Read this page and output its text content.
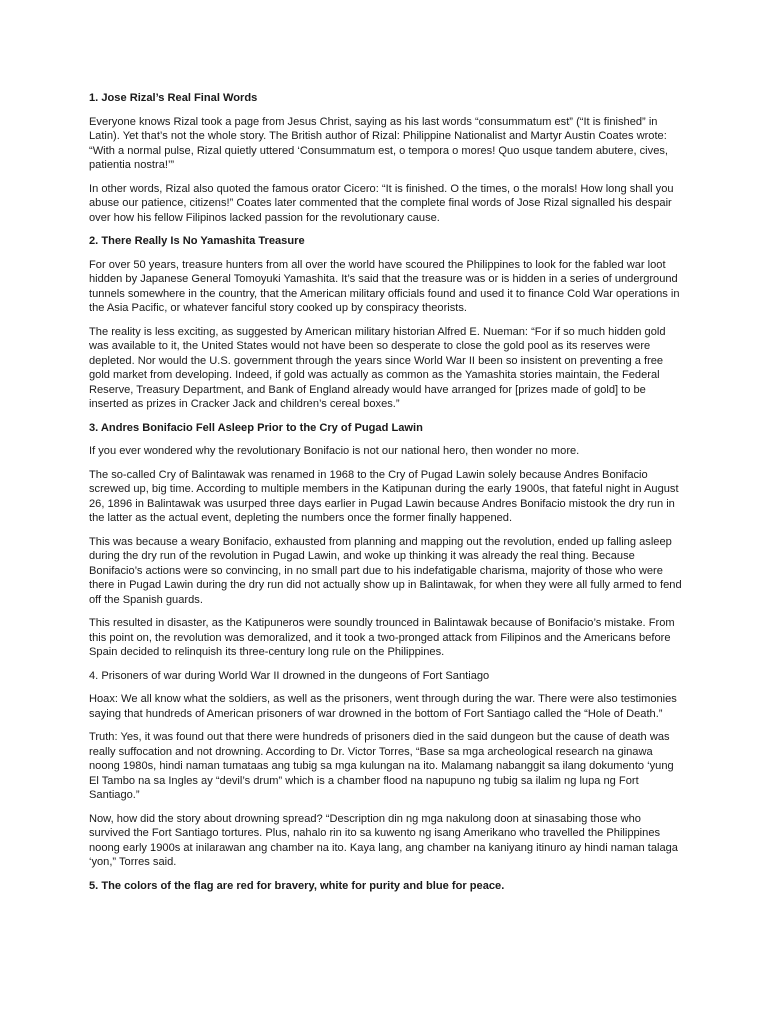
1. Jose Rizal’s Real Final Words

Everyone knows Rizal took a page from Jesus Christ, saying as his last words “consummatum est” (“It is finished” in Latin). Yet that’s not the whole story. The British author of Rizal: Philippine Nationalist and Martyr Austin Coates wrote: “With a normal pulse, Rizal quietly uttered ‘Consummatum est, o tempora o mores! Quo usque tandem abutere, cives, patientia nostra!’”

In other words, Rizal also quoted the famous orator Cicero: “It is finished. O the times, o the morals! How long shall you abuse our patience, citizens!” Coates later commented that the complete final words of Jose Rizal signalled his despair over how his fellow Filipinos lacked passion for the revolutionary cause.

2. There Really Is No Yamashita Treasure

For over 50 years, treasure hunters from all over the world have scoured the Philippines to look for the fabled war loot hidden by Japanese General Tomoyuki Yamashita. It’s said that the treasure was or is hidden in a series of underground tunnels somewhere in the country, that the American military officials found and used it to finance Cold War operations in the Asia Pacific, or whatever fanciful story cooked up by conspiracy theorists.

The reality is less exciting, as suggested by American military historian Alfred E. Nueman: “For if so much hidden gold was available to it, the United States would not have been so desperate to close the gold pool as its reserves were depleted. Nor would the U.S. government through the years since World War II been so insistent on preventing a free gold market from developing. Indeed, if gold was actually as common as the Yamashita stories maintain, the Federal Reserve, Treasury Department, and Bank of England already would have arranged for [prizes made of gold] to be inserted as prizes in Cracker Jack and children’s cereal boxes.”

3. Andres Bonifacio Fell Asleep Prior to the Cry of Pugad Lawin

If you ever wondered why the revolutionary Bonifacio is not our national hero, then wonder no more.

The so-called Cry of Balintawak was renamed in 1968 to the Cry of Pugad Lawin solely because Andres Bonifacio screwed up, big time. According to multiple members in the Katipunan during the early 1900s, that fateful night in August 26, 1896 in Balintawak was usurped three days earlier in Pugad Lawin because Andres Bonifacio mistook the dry run in the latter as the actual event, depleting the numbers once the former finally happened.

This was because a weary Bonifacio, exhausted from planning and mapping out the revolution, ended up falling asleep during the dry run of the revolution in Pugad Lawin, and woke up thinking it was already the real thing. Because Bonifacio’s actions were so convincing, in no small part due to his indefatigable charisma, majority of those who were there in Pugad Lawin during the dry run did not actually show up in Balintawak, for when they were all fully armed to fend off the Spanish guards.

This resulted in disaster, as the Katipuneros were soundly trounced in Balintawak because of Bonifacio’s mistake. From this point on, the revolution was demoralized, and it took a two-pronged attack from Filipinos and the Americans before Spain decided to relinquish its three-century long rule on the Philippines.

4. Prisoners of war during World War II drowned in the dungeons of Fort Santiago

Hoax: We all know what the soldiers, as well as the prisoners, went through during the war. There were also testimonies saying that hundreds of American prisoners of war drowned in the bottom of Fort Santiago called the “Hole of Death.”

Truth: Yes, it was found out that there were hundreds of prisoners died in the said dungeon but the cause of death was really suffocation and not drowning. According to Dr. Victor Torres, “Base sa mga archeological research na ginawa noong 1980s, hindi naman tumataas ang tubig sa mga kulungan na ito. Malamang nabanggit sa ilang dokumento ‘yung El Tambo na sa Ingles ay “devil’s drum” which is a chamber flood na napupuno ng tubig sa ilalim ng lupa ng Fort Santiago.”

Now, how did the story about drowning spread? “Description din ng mga nakulong doon at sinasabing those who survived the Fort Santiago tortures. Plus, nahalo rin ito sa kuwento ng isang Amerikano who travelled the Philippines noong early 1900s at inilarawan ang chamber na ito. Kaya lang, ang chamber na kaniyang itinuro ay hindi naman talaga ‘yon,” Torres said.

5. The colors of the flag are red for bravery, white for purity and blue for peace.
